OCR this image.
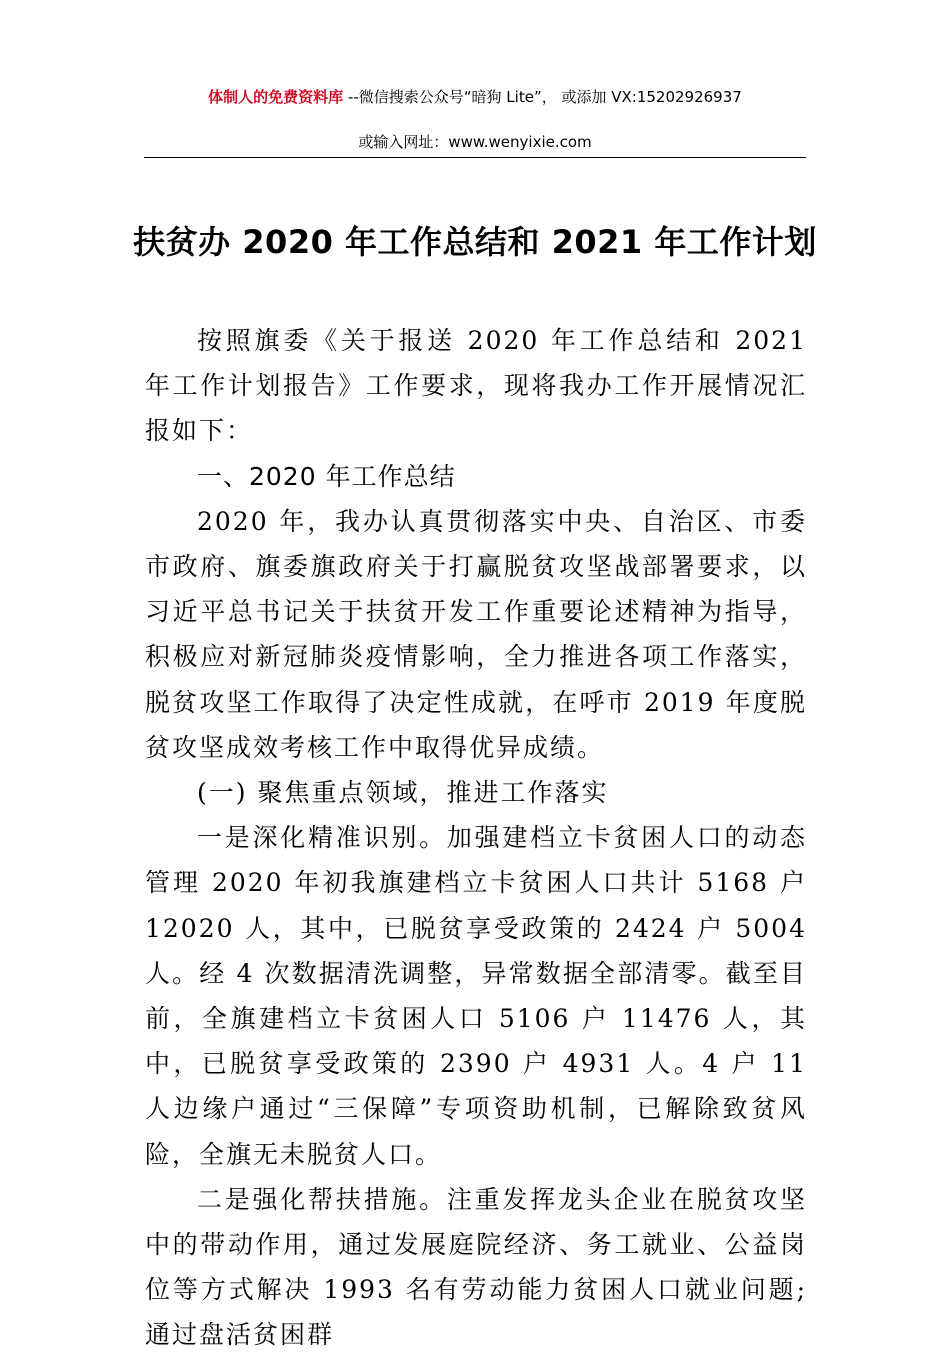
体制人的免费资料库 --微信搜索公众号“暗狗 Lite”， 或添加 VX:15202926937
或输入网址：www.wenyixie.com
扶贫办 2020 年工作总结和 2021 年工作计划

按照旗委《关于报送 2020 年工作总结和 2021 年工作计划报告》工作要求，现将我办工作开展情况汇报如下：

一、2020 年工作总结

2020 年，我办认真贯彻落实中央、自治区、市委市政府、旗委旗政府关于打赢脱贫攻坚战部署要求，以习近平总书记关于扶贫开发工作重要论述精神为指导，积极应对新冠肺炎疫情影响，全力推进各项工作落实，脱贫攻坚工作取得了决定性成就，在呼市 2019 年度脱贫攻坚成效考核工作中取得优异成绩。

(一) 聚焦重点领域，推进工作落实

一是深化精准识别。加强建档立卡贫困人口的动态管理 2020 年初我旗建档立卡贫困人口共计 5168 户 12020 人，其中，已脱贫享受政策的 2424 户 5004 人。经 4 次数据清洗调整，异常数据全部清零。截至目前，全旗建档立卡贫困人口 5106 户 11476 人，其中，已脱贫享受政策的 2390 户 4931 人。4 户 11 人边缘户通过“三保障”专项资助机制，已解除致贫风险，全旗无未脱贫人口。

二是强化帮扶措施。注重发挥龙头企业在脱贫攻坚中的带动作用，通过发展庭院经济、务工就业、公益岗位等方式解决 1993 名有劳动能力贫困人口就业问题;通过盘活贫困群
